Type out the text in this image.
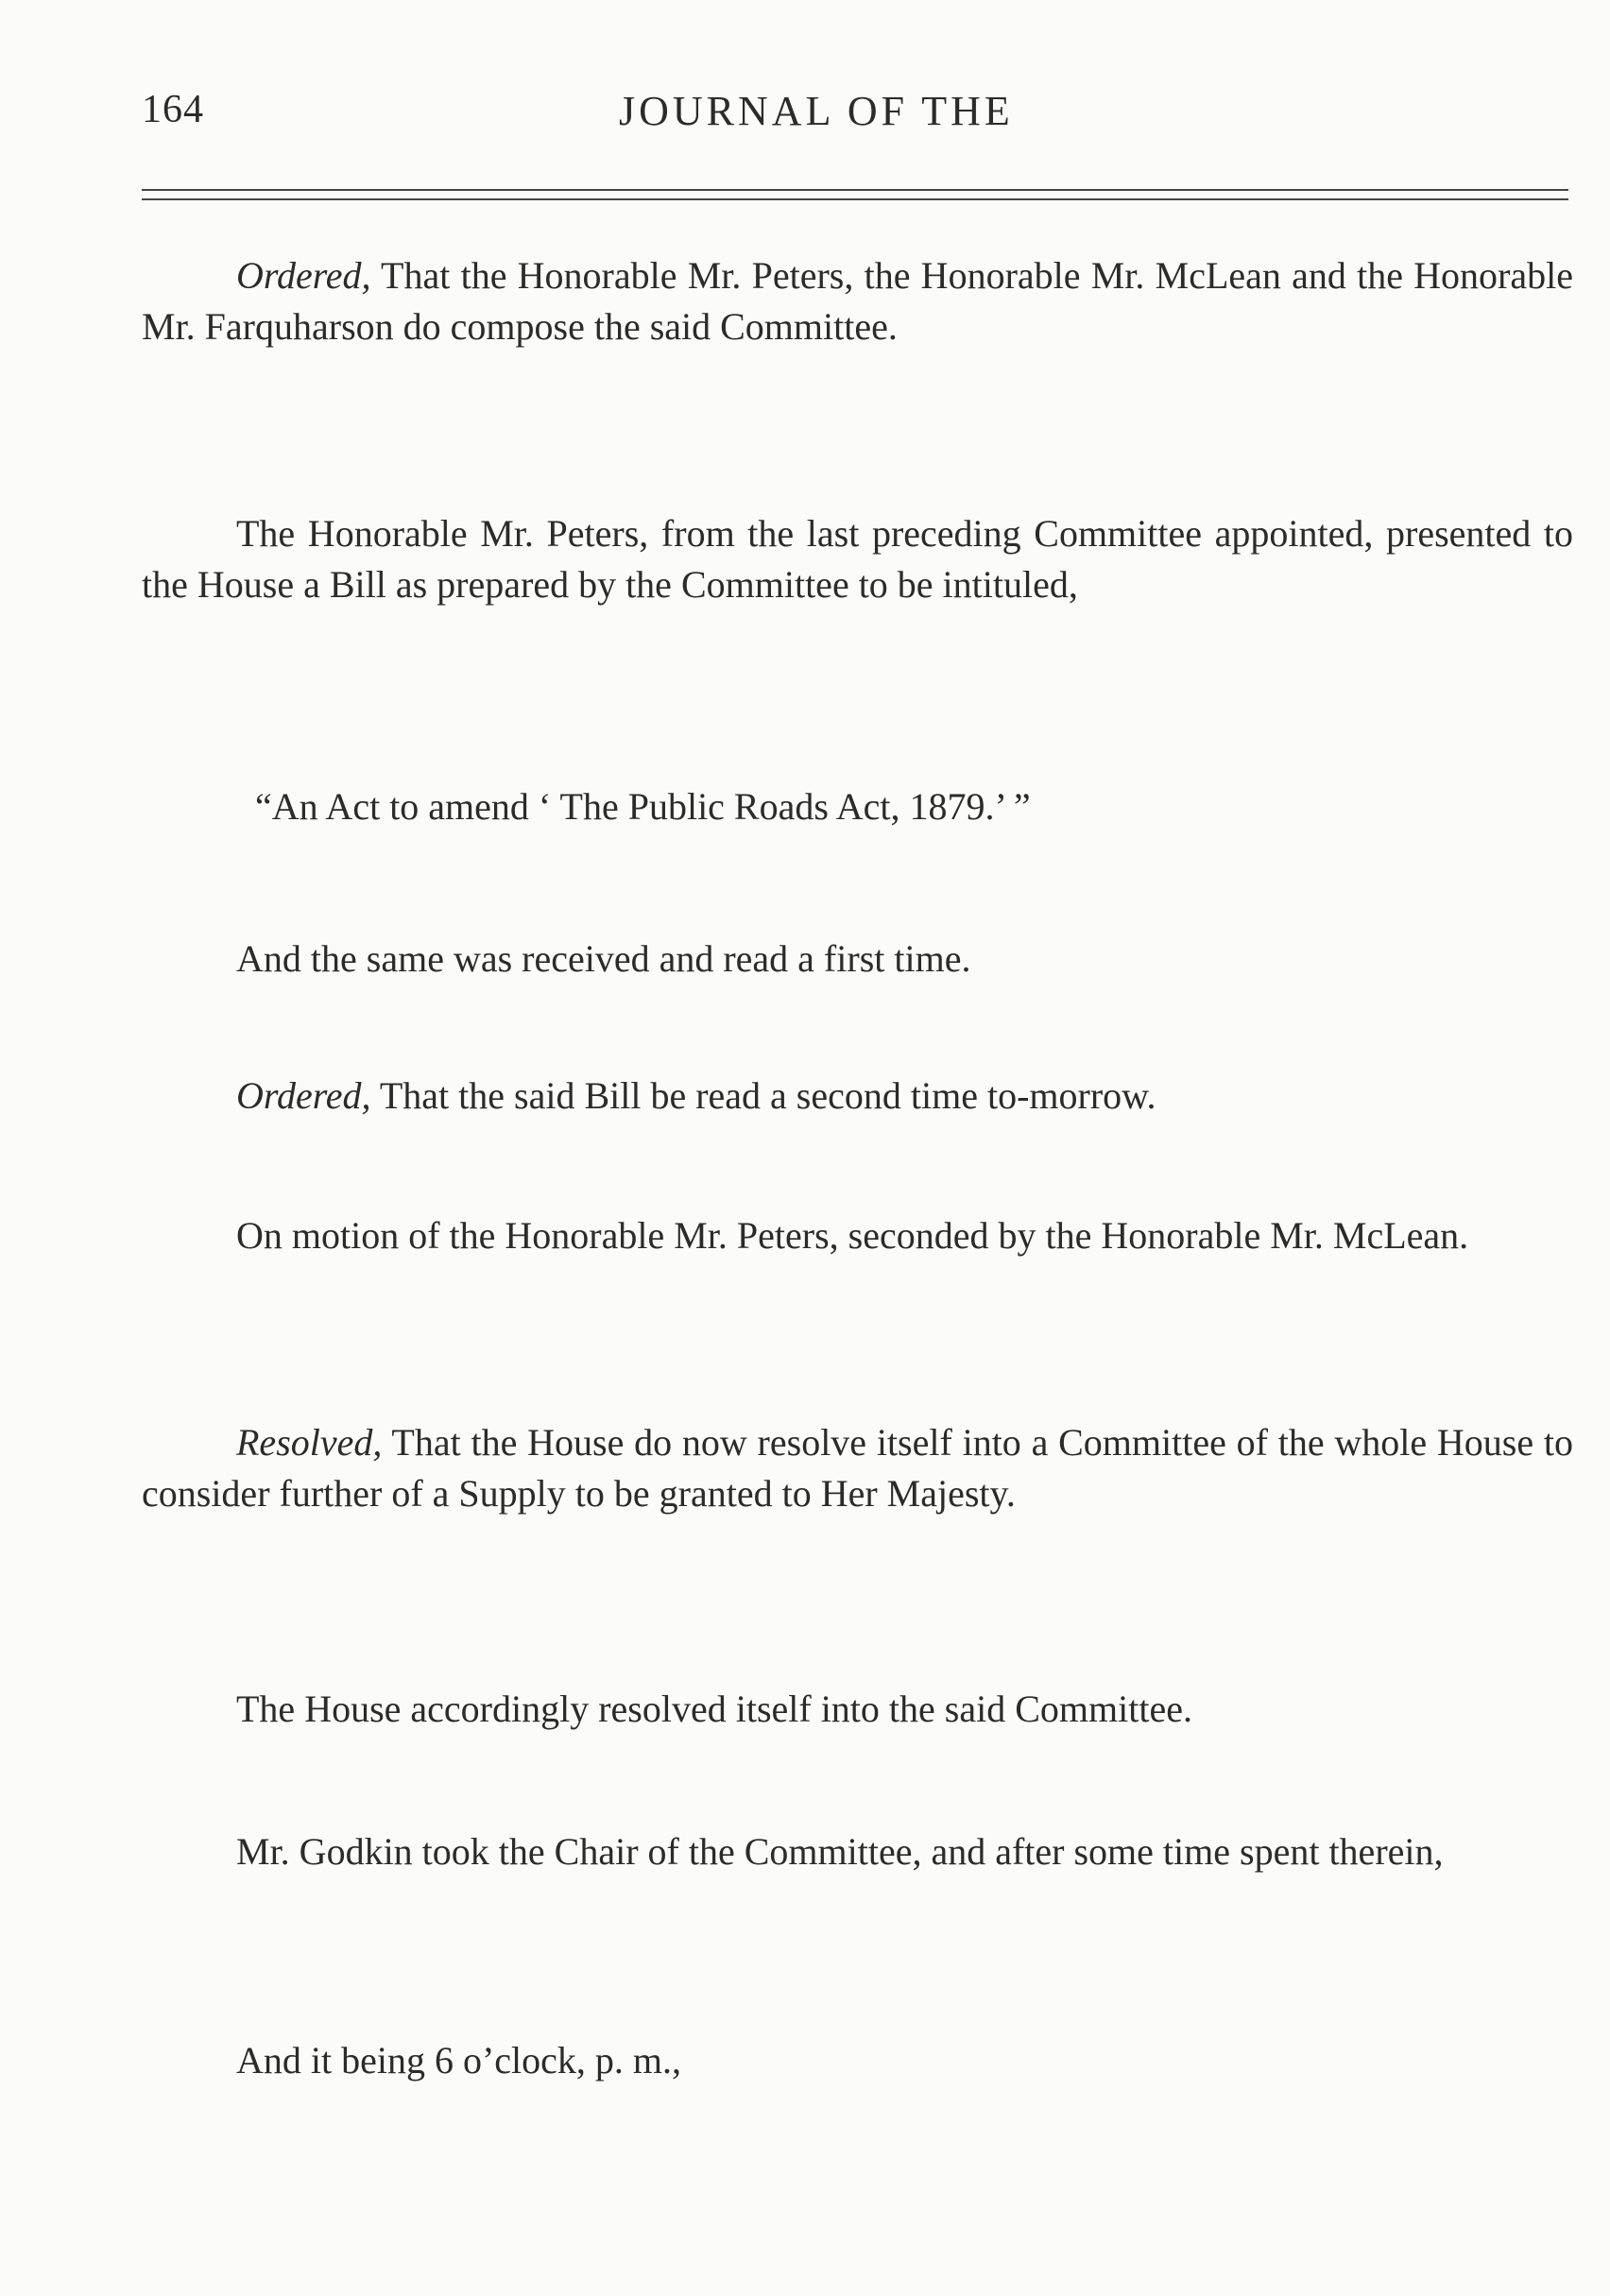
164	JOURNAL OF THE

Ordered, That the Honorable Mr. Peters, the Honorable Mr. McLean and the Honorable Mr. Farquharson do compose the said Committee.

The Honorable Mr. Peters, from the last preceding Committee appointed, presented to the House a Bill as prepared by the Committee to be intituled,

“An Act to amend ‘ The Public Roads Act, 1879.’ ”

And the same was received and read a first time.

Ordered, That the said Bill be read a second time to-morrow.

On motion of the Honorable Mr. Peters, seconded by the Honorable Mr. McLean.

Resolved, That the House do now resolve itself into a Committee of the whole House to consider further of a Supply to be granted to Her Majesty.

The House accordingly resolved itself into the said Committee.

Mr. Godkin took the Chair of the Committee, and after some time spent therein,

And it being 6 o’clock, p. m.,
